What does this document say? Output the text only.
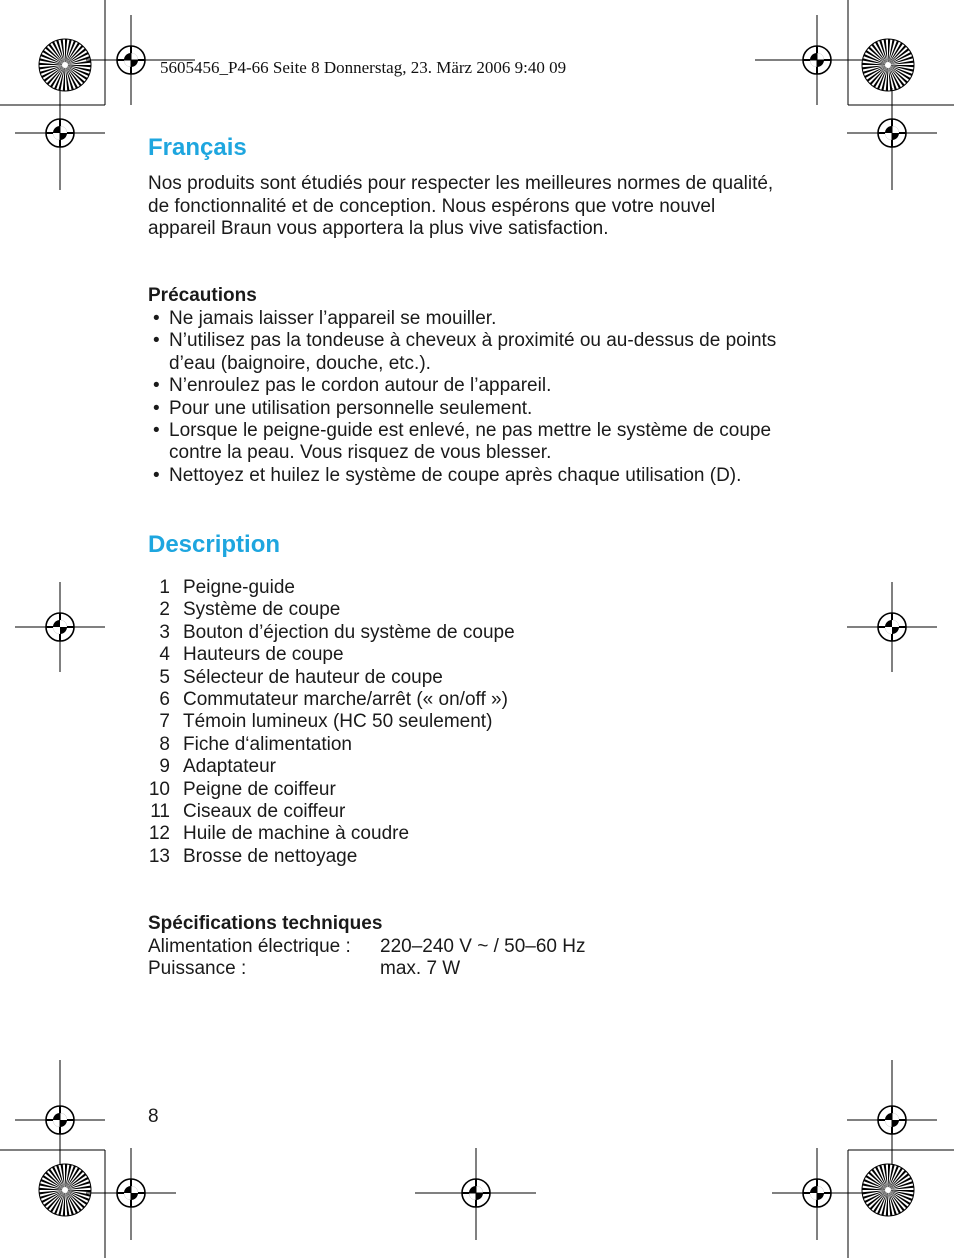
5605456_P4-66 Seite 8 Donnerstag, 23. März 2006 9:40 09
Français
Nos produits sont étudiés pour respecter les meilleures normes de qualité,
de fonctionnalité et de conception. Nous espérons que votre nouvel
appareil Braun vous apportera la plus vive satisfaction.
Précautions
• Ne jamais laisser l’appareil se mouiller.
• N’utilisez pas la tondeuse à cheveux à proximité ou au-dessus de points d’eau (baignoire, douche, etc.).
• N’enroulez pas le cordon autour de l’appareil.
• Pour une utilisation personnelle seulement.
• Lorsque le peigne-guide est enlevé, ne pas mettre le système de coupe contre la peau. Vous risquez de vous blesser.
• Nettoyez et huilez le système de coupe après chaque utilisation (D).
Description
1 Peigne-guide
2 Système de coupe
3 Bouton d’éjection du système de coupe
4 Hauteurs de coupe
5 Sélecteur de hauteur de coupe
6 Commutateur marche/arrêt (« on/off »)
7 Témoin lumineux (HC 50 seulement)
8 Fiche d‘alimentation
9 Adaptateur
10 Peigne de coiffeur
11 Ciseaux de coiffeur
12 Huile de machine à coudre
13 Brosse de nettoyage
Spécifications techniques
Alimentation électrique : 220–240 V ~ / 50–60 Hz
Puissance :	max. 7 W
8
